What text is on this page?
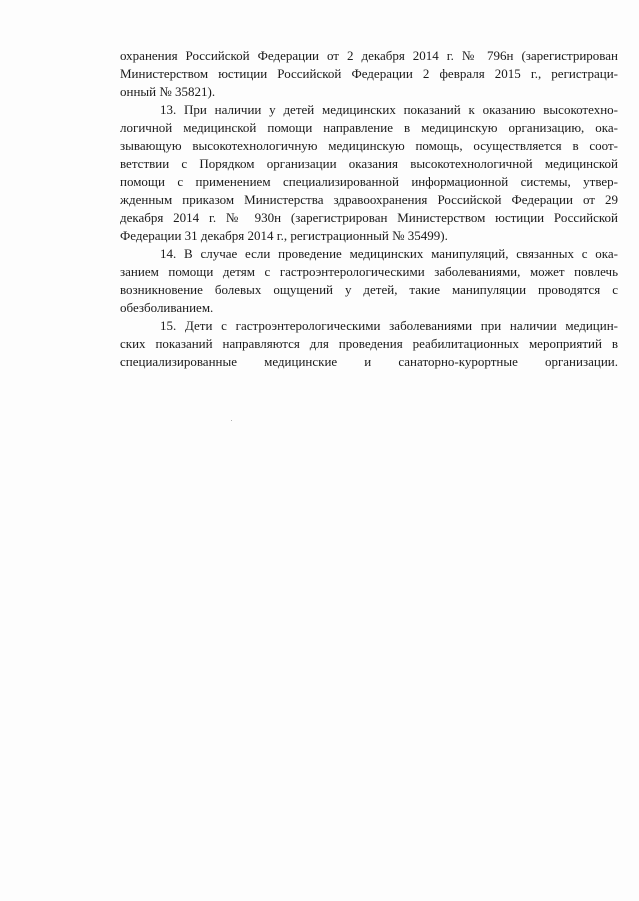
охранения Российской Федерации от 2 декабря 2014 г. № 796н (зарегистрирован
Министерством юстиции Российской Федерации 2 февраля 2015 г., регистраци-
онный № 35821).
13. При наличии у детей медицинских показаний к оказанию высокотехно-
логичной медицинской помощи направление в медицинскую организацию, ока-
зывающую высокотехнологичную медицинскую помощь, осуществляется в соот-
ветствии с Порядком организации оказания высокотехнологичной медицинской
помощи с применением специализированной информационной системы, утвер-
жденным приказом Министерства здравоохранения Российской Федерации от 29
декабря 2014 г. № 930н (зарегистрирован Министерством юстиции Российской
Федерации 31 декабря 2014 г., регистрационный № 35499).
14. В случае если проведение медицинских манипуляций, связанных с ока-
занием помощи детям с гастроэнтерологическими заболеваниями, может повлечь
возникновение болевых ощущений у детей, такие манипуляции проводятся с
обезболиванием.
15. Дети с гастроэнтерологическими заболеваниями при наличии медицин-
ских показаний направляются для проведения реабилитационных мероприятий в
специализированные медицинские и санаторно-курортные организации.
